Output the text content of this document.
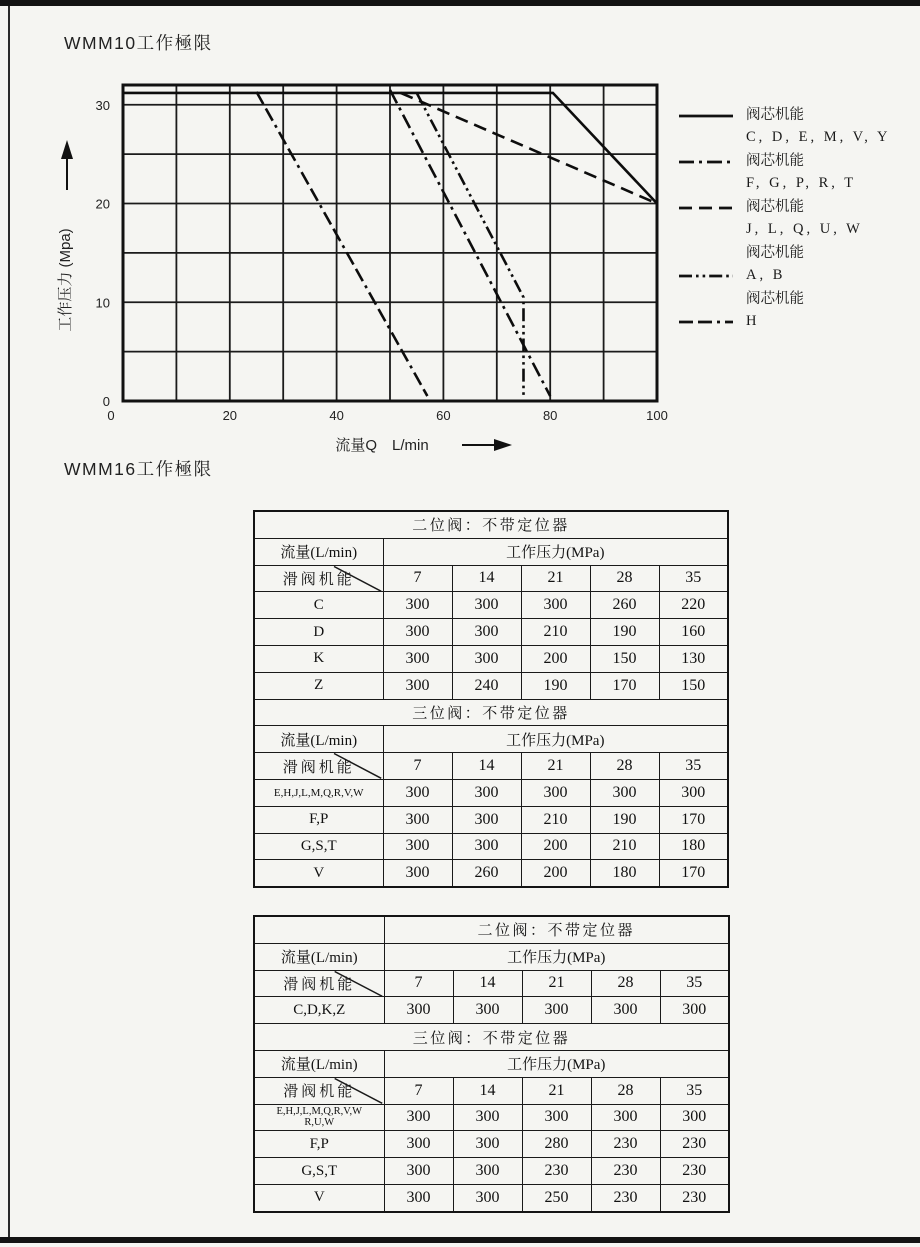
WMM10工作極限
0	20	40	60	80	100
0
10
20
30
工作压力 (Mpa)
流量Q　L/min
阀芯机能
C, D, E, M, V, Y
阀芯机能
F, G, P, R, T
阀芯机能
J, L, Q, U, W
阀芯机能
A, B
阀芯机能
H
WMM16工作極限
二位阀：不带定位器					
流量(L/min)	工作压力(MPa)				

滑阀机能	7	14	21	28	35
C	300	300	300	260	220
D	300	300	210	190	160
K	300	300	200	150	130
Z	300	240	190	170	150
三位阀：不带定位器					
流量(L/min)	工作压力(MPa)				

滑阀机能	7	14	21	28	35
E,H,J,L,M,Q,R,V,W	300	300	300	300	300
F,P	300	300	210	190	170
G,S,T	300	300	200	210	180
V	300	260	200	180	170
	二位阀：不带定位器				
流量(L/min)	工作压力(MPa)				

滑阀机能	7	14	21	28	35
C,D,K,Z	300	300	300	300	300
三位阀：不带定位器					
流量(L/min)	工作压力(MPa)				

滑阀机能	7	14	21	28	35

E,H,J,L,M,Q,R,V,W
R,U,W	300	300	300	300	300
F,P	300	300	280	230	230
G,S,T	300	300	230	230	230
V	300	300	250	230	230
